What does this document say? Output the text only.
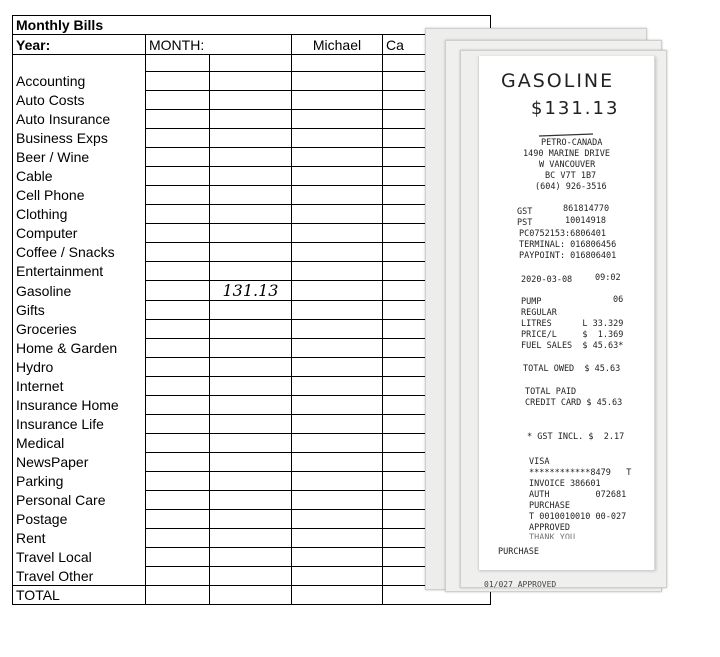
Monthly Bills				
Year:	MONTH:		Michael	Ca

Accounting				
Auto Costs				
Auto Insurance				
Business Exps				
Beer / Wine				
Cable				
Cell Phone				
Clothing				
Computer				
Coffee / Snacks				
Entertainment				
Gasoline		131.13		
Gifts				
Groceries				
Home & Garden				
Hydro				
Internet				
Insurance Home				
Insurance Life				
Medical				
NewsPaper				
Parking				
Personal Care				
Postage				
Rent				
Travel Local				
Travel Other				
TOTAL				
GASOLINE
$131.13
PETRO-CANADA
1490 MARINE DRIVE
W VANCOUVER
BC V7T 1B7
(604) 926-3516
GST	861814770
PST	10014918
PC0752153:6806401
TERMINAL: 016806456
PAYPOINT: 016806401
2020-03-08	09:02
PUMP	06
REGULAR
LITRES      L 33.329
PRICE/L     $  1.369
FUEL SALES  $ 45.63*
TOTAL OWED  $ 45.63
TOTAL PAID
CREDIT CARD $ 45.63
* GST INCL. $  2.17
VISA
************8479   T
INVOICE 386601
AUTH         072681
PURCHASE
T 0010010010 00-027
APPROVED
THANK YOU
PURCHASE
01/027 APPROVED
